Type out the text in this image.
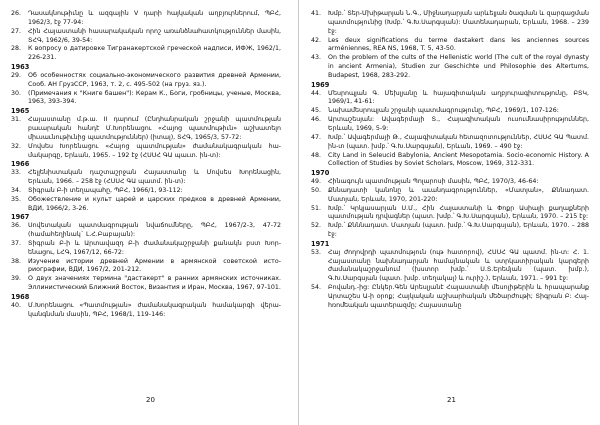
26. Դասակնութիւնը և ազգային V դարի հայկական աղբյուրներում, ՊԲՀ, 1962/3, էջ 77-94:
27. Հին Հայաստանի հասարակական որոշ առանձնահատկություններ մասին, ՏՀԳ, 1962/6, 39-54:
28. К вопросу о датировке Тигранакертской греческой надписи, ИФЖ, 1962/1, 226-231.
1963
29. Об особенностях социально-экономического развития древней Армении, Сооб. АН ГрузССР, 1963, т. 2, с. 495-502 (на груз. яз.).
30. (Примечания к "Книге башен"): Керам К., Боги, гробницы, ученые, Москва, 1963, 393-394.
1965
31. Հայաստանը մ.թ.ա. II դարում (Ընդհանրական շրջանի պատմության բաւարական հանդէ Մ.Խորենացու «Հայոց պատմութիւն» աշխատելո միւսաւնութիւնից պատմություններ) (իտալ), ՏՀԳ, 1965/3, 57-72:
32. Մովսես Խորենացու «Հայոց պատմության» ժամանակագրական համակարգը, Երևան, 1965. – 192 էջ (ՀՍՍՀ ԳԱ պաւտ. ին-տ):
1966
33. Հելլենիստական դաշտաշրջան Հայաստանը և Մովսես Խորենացին, Երևան, 1966. – 258 էջ (ՀՍՍՀ ԳԱ պատմ. ին-տ):
34. Տիգրան Բ-ի տեղապահը, ՊԲՀ, 1966/1, 93-112:
35. Обожествление и культ царей и царских предков в древней Армении, ВДИ, 1966/2, 3-26.
1967
36. Սովետական պատմագրության նվաճումները, ՊԲՀ, 1967/2-3, 47-72 (համահեղինակ` Լ.Հ.Բաբայան):
37. Տիգրան Բ-ի և Արտավազդ Բ-ի ժամանակաշրջանի քանակն բստ Խորենացու, ԼՀԳ, 1967/12, 66-72:
38. Изучение истории древней Армении в армянской советской историографии, ВДИ, 1967/2, 201-212.
39. О двух значениях термина "дастакерт" в ранних армянских источниках. Эллинистический Ближний Восток, Византия и Иран, Москва, 1967, 97-101.
1968
40. Մ.Խորենացու «Պատմության» ժամանակագրական համակարգի վերականգնման մասին, ՊԲՀ, 1968/1, 119-146:
20
41. Խմբ.՝ Տեր-Մխիթարյան Ն.Գ., Միջնադարյան արևելյան ծագման և զարգացման պատմությունից (Խմբ.՝ Գ.Խ.Սարգսյան): Մատենադարան, Երևան, 1968. – 239 էջ:
42. Les deux significations du terme dastakert dans les anciennes sources arméniennes, REA NS, 1968, T. 5, 43-50.
43. On the problem of the cults of the Hellenistic world (The cult of the royal dynasty in ancient Armenia), Studien zur Geschichte und Philosophie des Altertums, Budapest, 1968, 283-292.
1969
44. Մեսրոպյան Գ. Մեխլյանը և հայագիտական աղբյուրագիտությունը, ԲՏԿ, 1969/1, 41-61:
45. Նախամեսրոպյան շրջանի պատմագրությունը, ՊԲՀ, 1969/1, 107-126:
46. Արտաշեսյան: Ավագերմայի Տ., Հայագիտական ուսումնասիրություններ, Երևան, 1969, 5-9:
47. Խմբ.՝ Ավագերմայի Թ., Հայագիտական հետազոտություններ, ՀՍՍՀ ԳԱ Պատմ. ին-տ (պատ. խմբ.՝ Գ.Խ.Սարգսյան), Երևան, 1969. – 490 էջ:
48. City Land in Seleucid Babylonia, Ancient Mesopotamia. Socio-economic History. A Collection of Studies by Soviet Scholars, Moscow, 1969, 312-331.
1970
49. Հինագույն պատմության Պոլարոսի մասին, ՊԲՀ, 1970/3, 46-64:
50. Քննադատի կանոնը և աւանդագրություններ, «Մատյան», Քննադատ. Մատյան, Երևան, 1970, 201-220:
51. Խմբ.՝ Կրկյասարյան Ս.Մ., Հին Հայաստանի և Փոքր Ասիայի քաղաքների պատմության դրվագներ (պատ. խմբ.՝ Գ.Խ.Սարգսյան), Երևան, 1970. – 215 էջ:
52. Խմբ.՝ Քնննադատ. Մատյան (պատ. խմբ.՝ Գ.Խ.Սարգսյան), Երևան, 1970. – 288 էջ:
1971
53. Հայ ժողովրդի պատմություն (ութ հատորով), ՀՍՍՀ ԳԱ պատմ. ին-տ: Հ. 1. Հայաստանը նախնադարյան համայնական և ստրկատիրական կարգերի ժամանակաշրջանում (խստոր խմբ.՝ Ս.Տ.Երեմյան (պատ. խմբ.), Գ.Խ.Սարգսյան (պատ. խմբ. տեղակալ) և ուրիշ.), Երևան, 1971. – 991 էջ:
54. Բովանդ.-ից: Ընկեր.Գեն Արեսլյանէ Հայաստանի մեսոլիթերին և հրապարանք Արտաշես Ա-ի օրոք; Հայկական աշխարհական մեծարժութի; Տիգրան Բ: Հայ-հռոմեական պատերազմը; Հայաստանը
21
